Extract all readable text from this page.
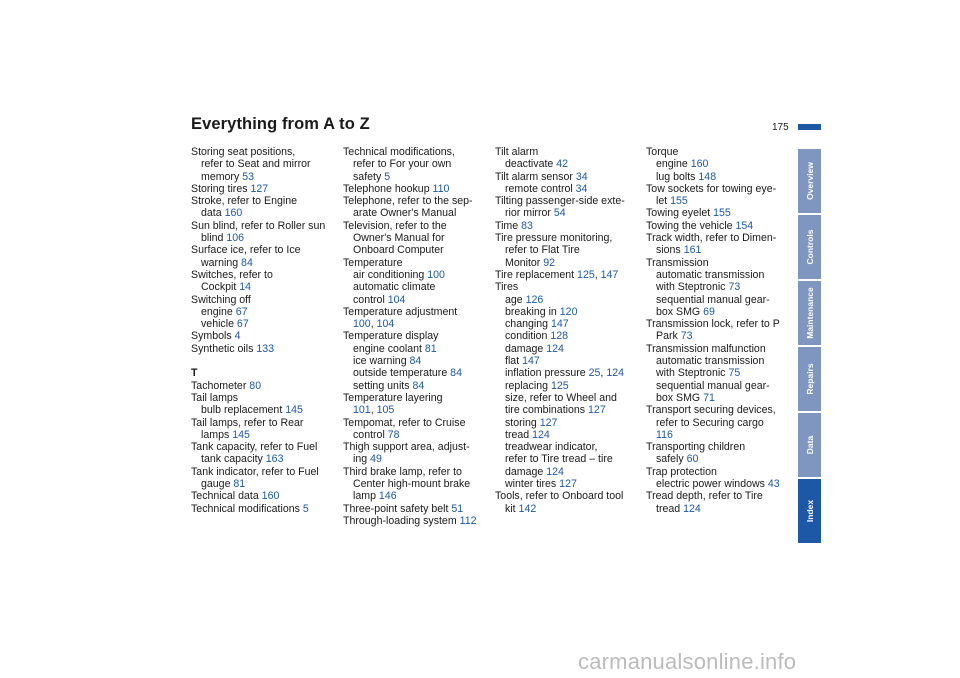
Everything from A to Z	175
Storing seat positions,
refer to Seat and mirror
memory 53
Storing tires 127
Stroke, refer to Engine
data 160
Sun blind, refer to Roller sun
blind 106
Surface ice, refer to Ice
warning 84
Switches, refer to
Cockpit 14
Switching off
engine 67
vehicle 67
Symbols 4
Synthetic oils 133
T
Tachometer 80
Tail lamps
bulb replacement 145
Tail lamps, refer to Rear
lamps 145
Tank capacity, refer to Fuel
tank capacity 163
Tank indicator, refer to Fuel
gauge 81
Technical data 160
Technical modifications 5
Technical modifications,
refer to For your own
safety 5
Telephone hookup 110
Telephone, refer to the sep-
arate Owner's Manual
Television, refer to the
Owner's Manual for
Onboard Computer
Temperature
air conditioning 100
automatic climate
control 104
Temperature adjustment
100, 104
Temperature display
engine coolant 81
ice warning 84
outside temperature 84
setting units 84
Temperature layering
101, 105
Tempomat, refer to Cruise
control 78
Thigh support area, adjust-
ing 49
Third brake lamp, refer to
Center high-mount brake
lamp 146
Three-point safety belt 51
Through-loading system 112
Tilt alarm
deactivate 42
Tilt alarm sensor 34
remote control 34
Tilting passenger-side exte-
rior mirror 54
Time 83
Tire pressure monitoring,
refer to Flat Tire
Monitor 92
Tire replacement 125, 147
Tires
age 126
breaking in 120
changing 147
condition 128
damage 124
flat 147
inflation pressure 25, 124
replacing 125
size, refer to Wheel and
tire combinations 127
storing 127
tread 124
treadwear indicator,
refer to Tire tread – tire
damage 124
winter tires 127
Tools, refer to Onboard tool
kit 142
Torque
engine 160
lug bolts 148
Tow sockets for towing eye-
let 155
Towing eyelet 155
Towing the vehicle 154
Track width, refer to Dimen-
sions 161
Transmission
automatic transmission
with Steptronic 73
sequential manual gear-
box SMG 69
Transmission lock, refer to P
Park 73
Transmission malfunction
automatic transmission
with Steptronic 75
sequential manual gear-
box SMG 71
Transport securing devices,
refer to Securing cargo
116
Transporting children
safely 60
Trap protection
electric power windows 43
Tread depth, refer to Tire
tread 124
Overview
Controls
Maintenance
Repairs
Data
Index
carmanualsonline.info
